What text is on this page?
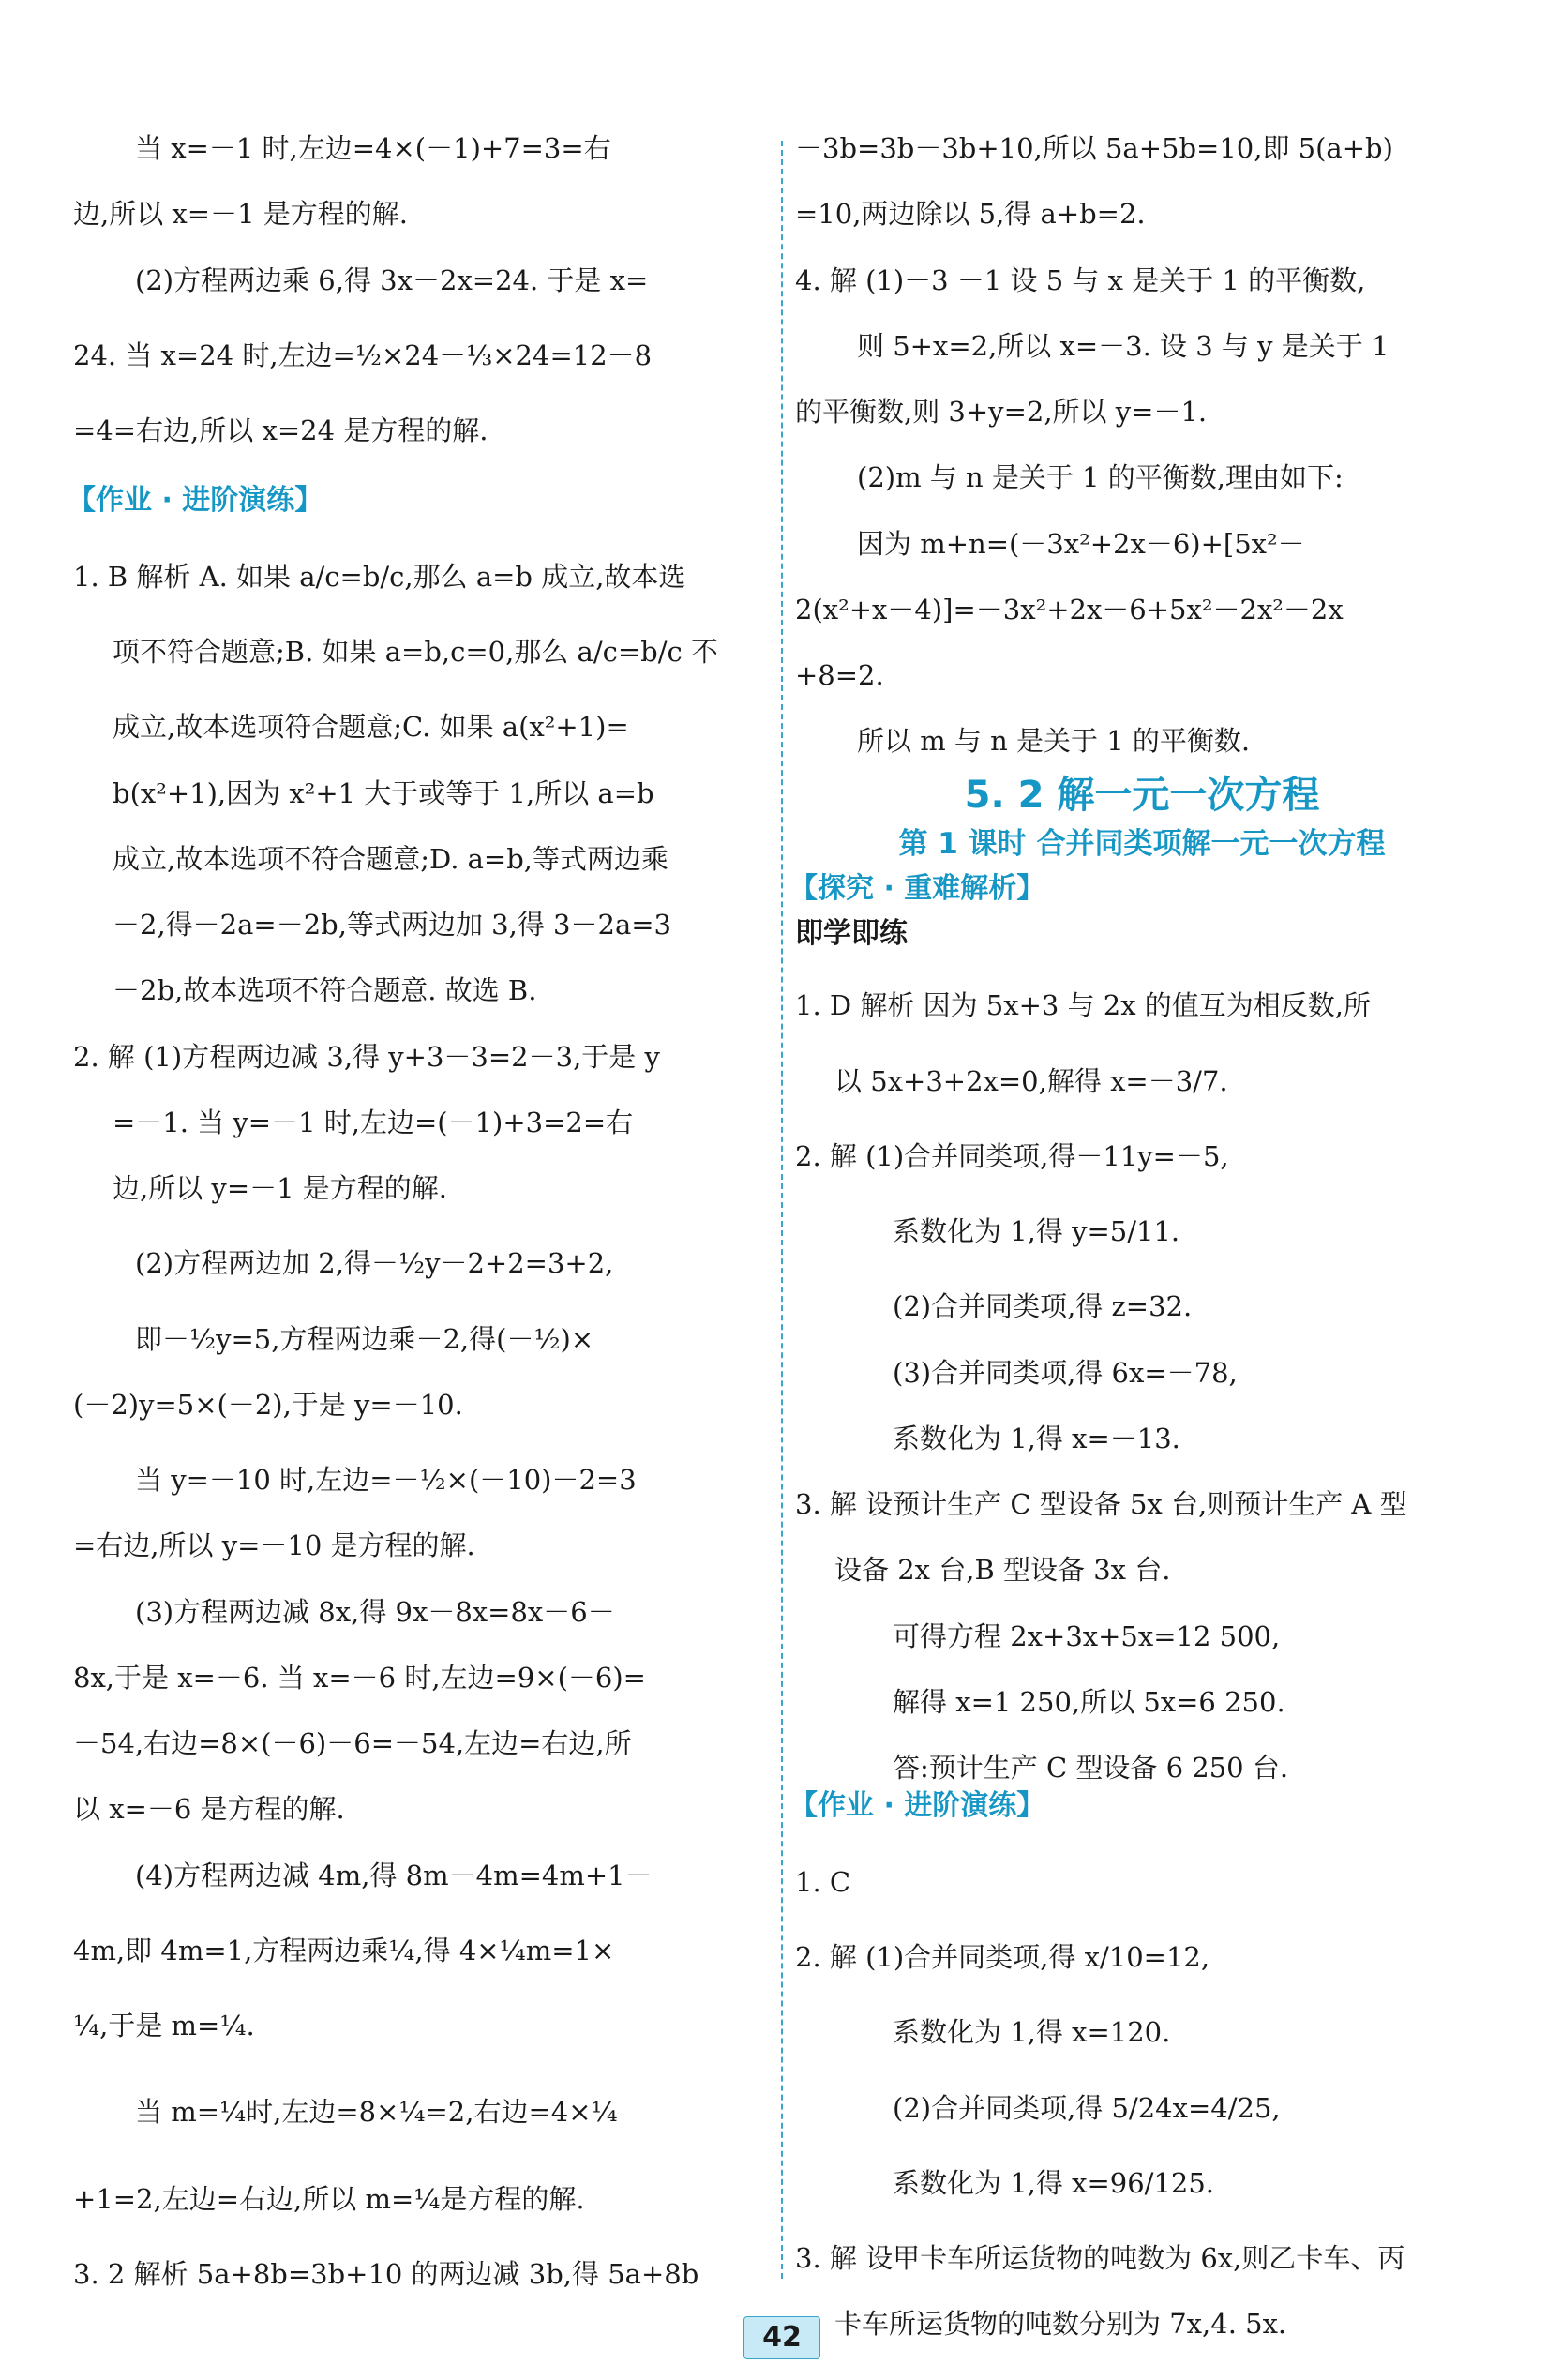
当 x=－1 时,左边=4×(－1)+7=3=右

边,所以 x=－1 是方程的解.

(2)方程两边乘 6,得 3x－2x=24. 于是 x=

24. 当 x=24 时,左边=½×24－⅓×24=12－8

=4=右边,所以 x=24 是方程的解.

【作业 · 进阶演练】

1. B 解析 A. 如果 a/c=b/c,那么 a=b 成立,故本选

项不符合题意;B. 如果 a=b,c=0,那么 a/c=b/c 不

成立,故本选项符合题意;C. 如果 a(x²+1)=

b(x²+1),因为 x²+1 大于或等于 1,所以 a=b

成立,故本选项不符合题意;D. a=b,等式两边乘

－2,得－2a=－2b,等式两边加 3,得 3－2a=3

－2b,故本选项不符合题意. 故选 B.

2. 解 (1)方程两边减 3,得 y+3－3=2－3,于是 y

=－1. 当 y=－1 时,左边=(－1)+3=2=右

边,所以 y=－1 是方程的解.

(2)方程两边加 2,得－½y－2+2=3+2,

即－½y=5,方程两边乘－2,得(－½)×

(－2)y=5×(－2),于是 y=－10.

当 y=－10 时,左边=－½×(－10)－2=3

=右边,所以 y=－10 是方程的解.

(3)方程两边减 8x,得 9x－8x=8x－6－

8x,于是 x=－6. 当 x=－6 时,左边=9×(－6)=

－54,右边=8×(－6)－6=－54,左边=右边,所

以 x=－6 是方程的解.

(4)方程两边减 4m,得 8m－4m=4m+1－

4m,即 4m=1,方程两边乘¼,得 4×¼m=1×

¼,于是 m=¼.

当 m=¼时,左边=8×¼=2,右边=4×¼

+1=2,左边=右边,所以 m=¼是方程的解.

3. 2 解析 5a+8b=3b+10 的两边减 3b,得 5a+8b

－3b=3b－3b+10,所以 5a+5b=10,即 5(a+b)

=10,两边除以 5,得 a+b=2.

4. 解 (1)－3 －1 设 5 与 x 是关于 1 的平衡数,

则 5+x=2,所以 x=－3. 设 3 与 y 是关于 1

的平衡数,则 3+y=2,所以 y=－1.

(2)m 与 n 是关于 1 的平衡数,理由如下:

因为 m+n=(－3x²+2x－6)+[5x²－

2(x²+x－4)]=－3x²+2x－6+5x²－2x²－2x

+8=2.

所以 m 与 n 是关于 1 的平衡数.

5. 2 解一元一次方程

第 1 课时 合并同类项解一元一次方程

【探究 · 重难解析】

即学即练

1. D 解析 因为 5x+3 与 2x 的值互为相反数,所

以 5x+3+2x=0,解得 x=－3/7.

2. 解 (1)合并同类项,得－11y=－5,

系数化为 1,得 y=5/11.

(2)合并同类项,得 z=32.

(3)合并同类项,得 6x=－78,

系数化为 1,得 x=－13.

3. 解 设预计生产 C 型设备 5x 台,则预计生产 A 型

设备 2x 台,B 型设备 3x 台.

可得方程 2x+3x+5x=12 500,

解得 x=1 250,所以 5x=6 250.

答:预计生产 C 型设备 6 250 台.

【作业 · 进阶演练】

1. C

2. 解 (1)合并同类项,得 x/10=12,

系数化为 1,得 x=120.

(2)合并同类项,得 5/24x=4/25,

系数化为 1,得 x=96/125.

3. 解 设甲卡车所运货物的吨数为 6x,则乙卡车、丙

卡车所运货物的吨数分别为 7x,4. 5x.

42
